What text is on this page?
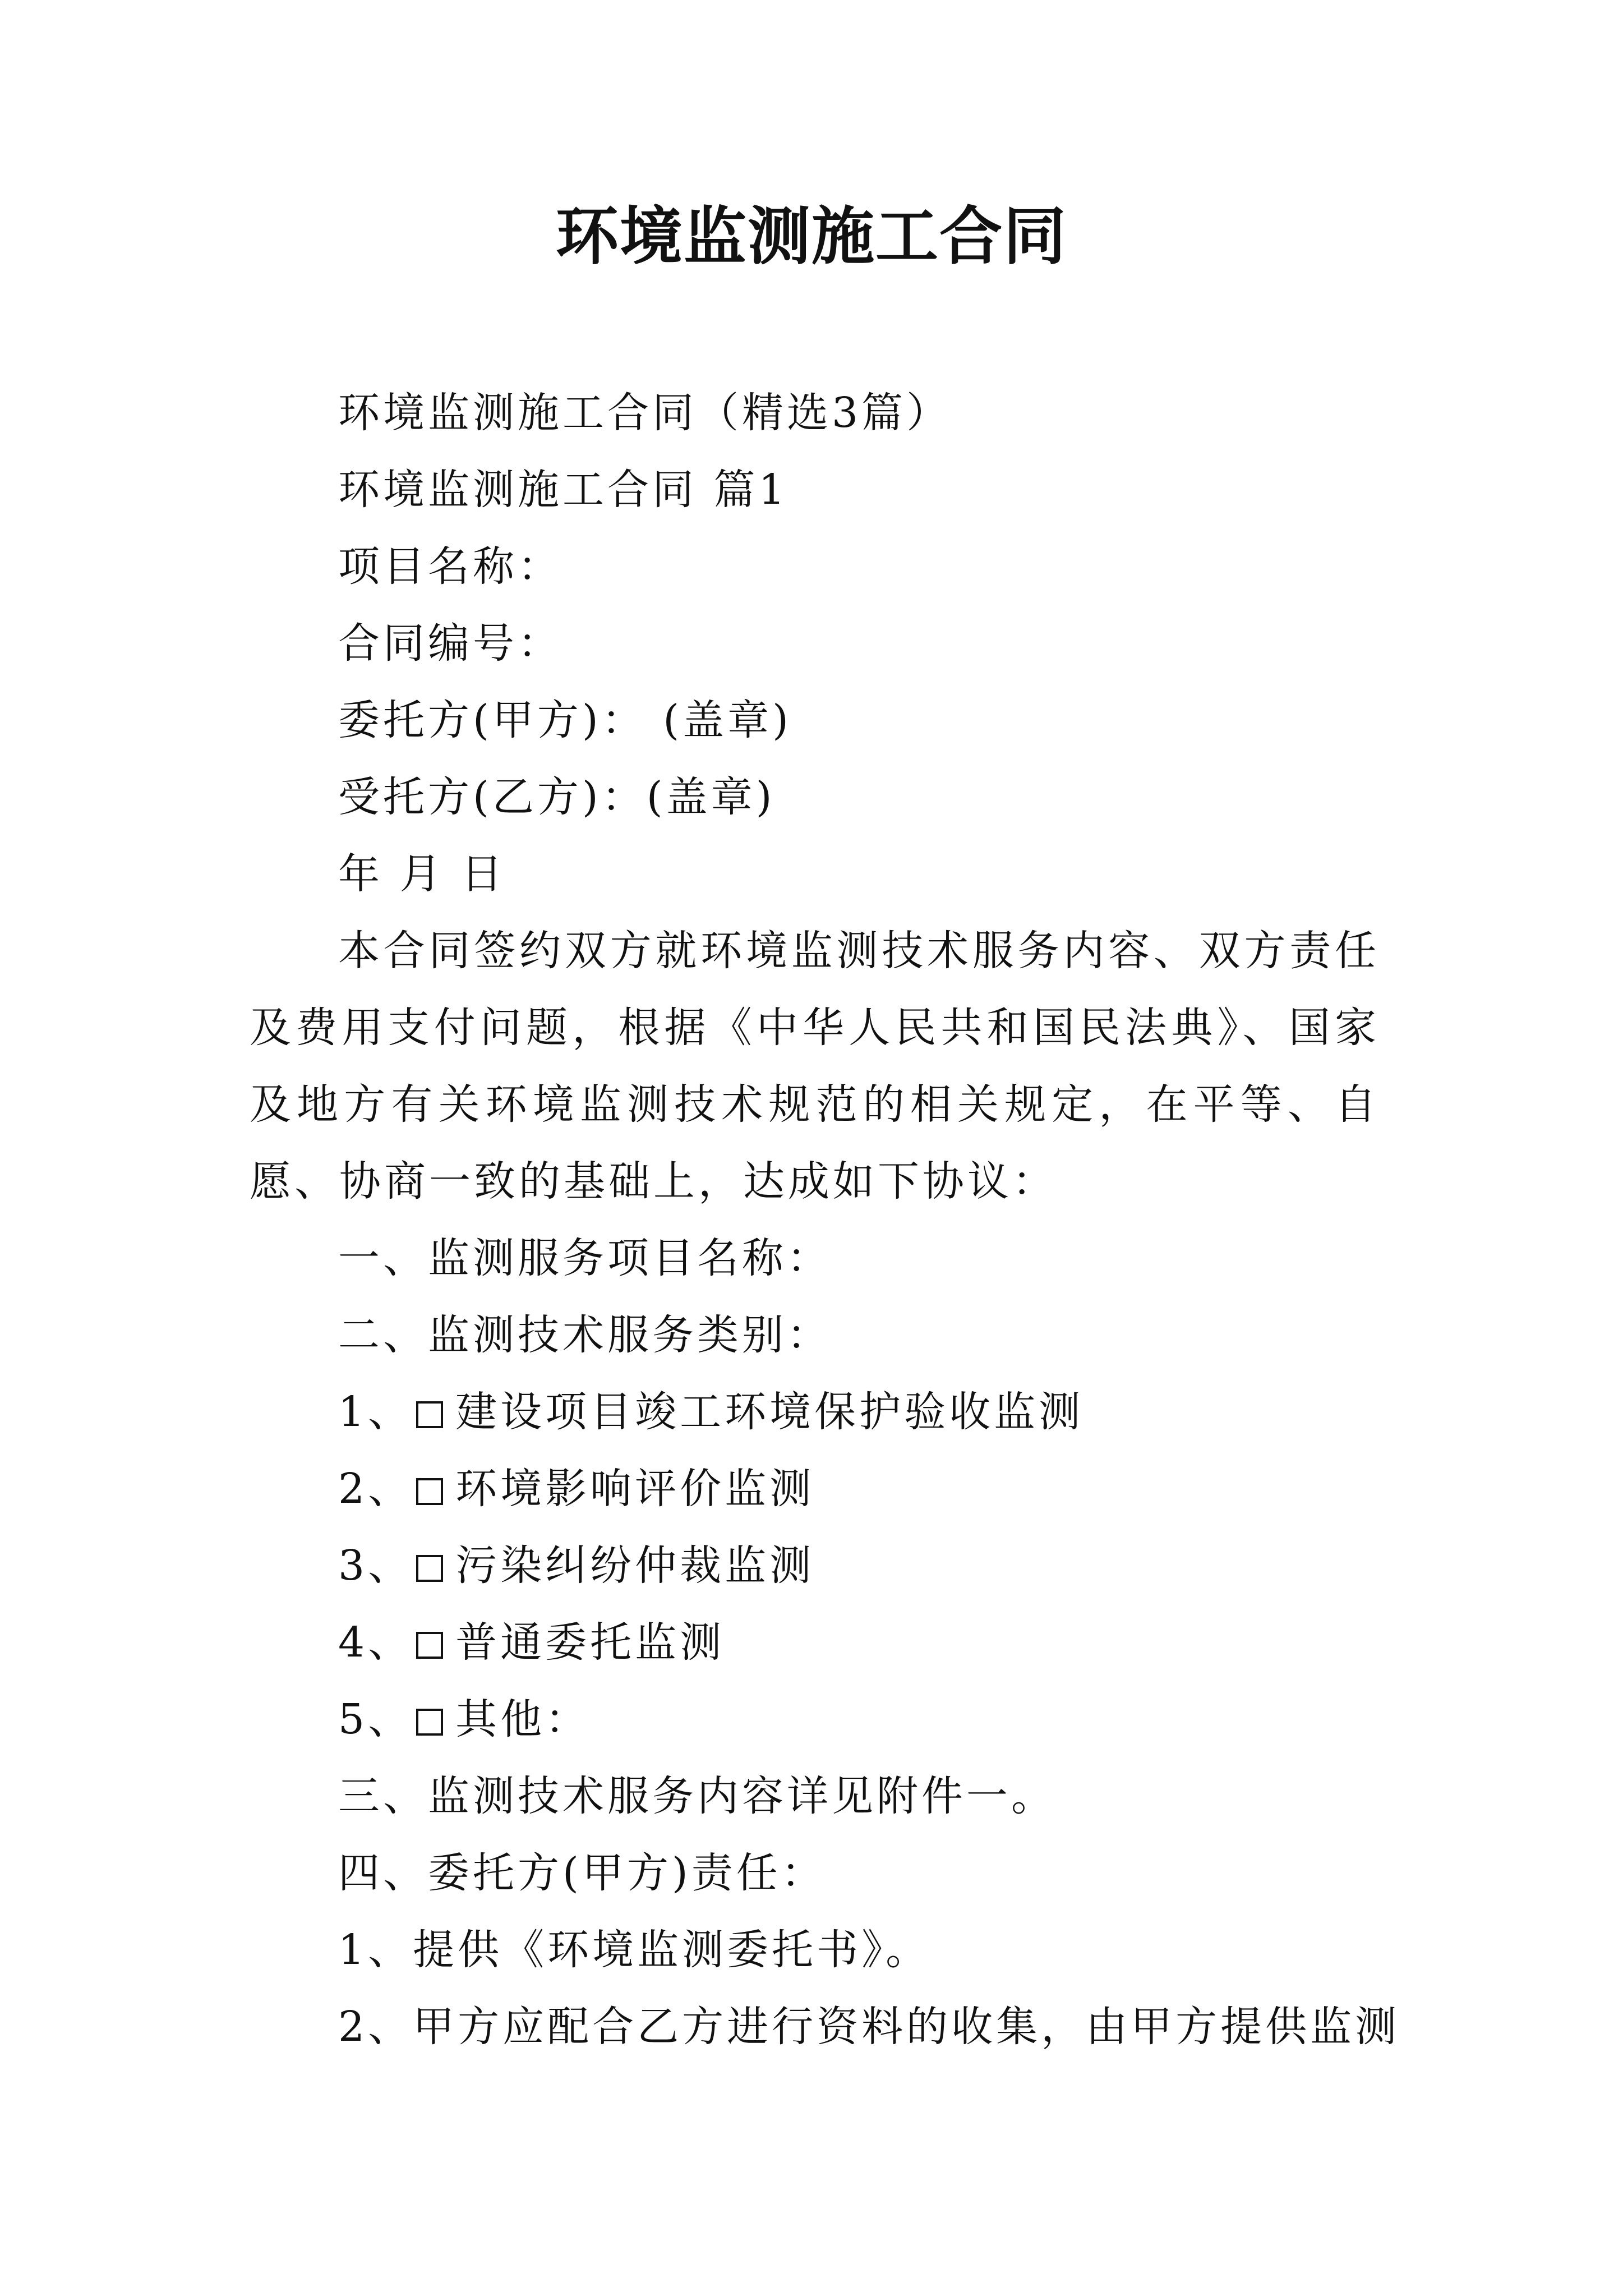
环境监测施工合同

环境监测施工合同（精选3篇）

环境监测施工合同 篇1

项目名称：

合同编号：

委托方(甲方)： (盖章)

受托方(乙方)：(盖章)

年 月 日

本合同签约双方就环境监测技术服务内容、双方责任及费用支付问题，根据《中华人民共和国民法典》、国家及地方有关环境监测技术规范的相关规定，在平等、自愿、协商一致的基础上，达成如下协议：

一、监测服务项目名称：

二、监测技术服务类别：

1、 建设项目竣工环境保护验收监测

2、 环境影响评价监测

3、 污染纠纷仲裁监测

4、 普通委托监测

5、 其他：

三、监测技术服务内容详见附件一。

四、委托方(甲方)责任：

1、提供《环境监测委托书》。

2、甲方应配合乙方进行资料的收集，由甲方提供监测
